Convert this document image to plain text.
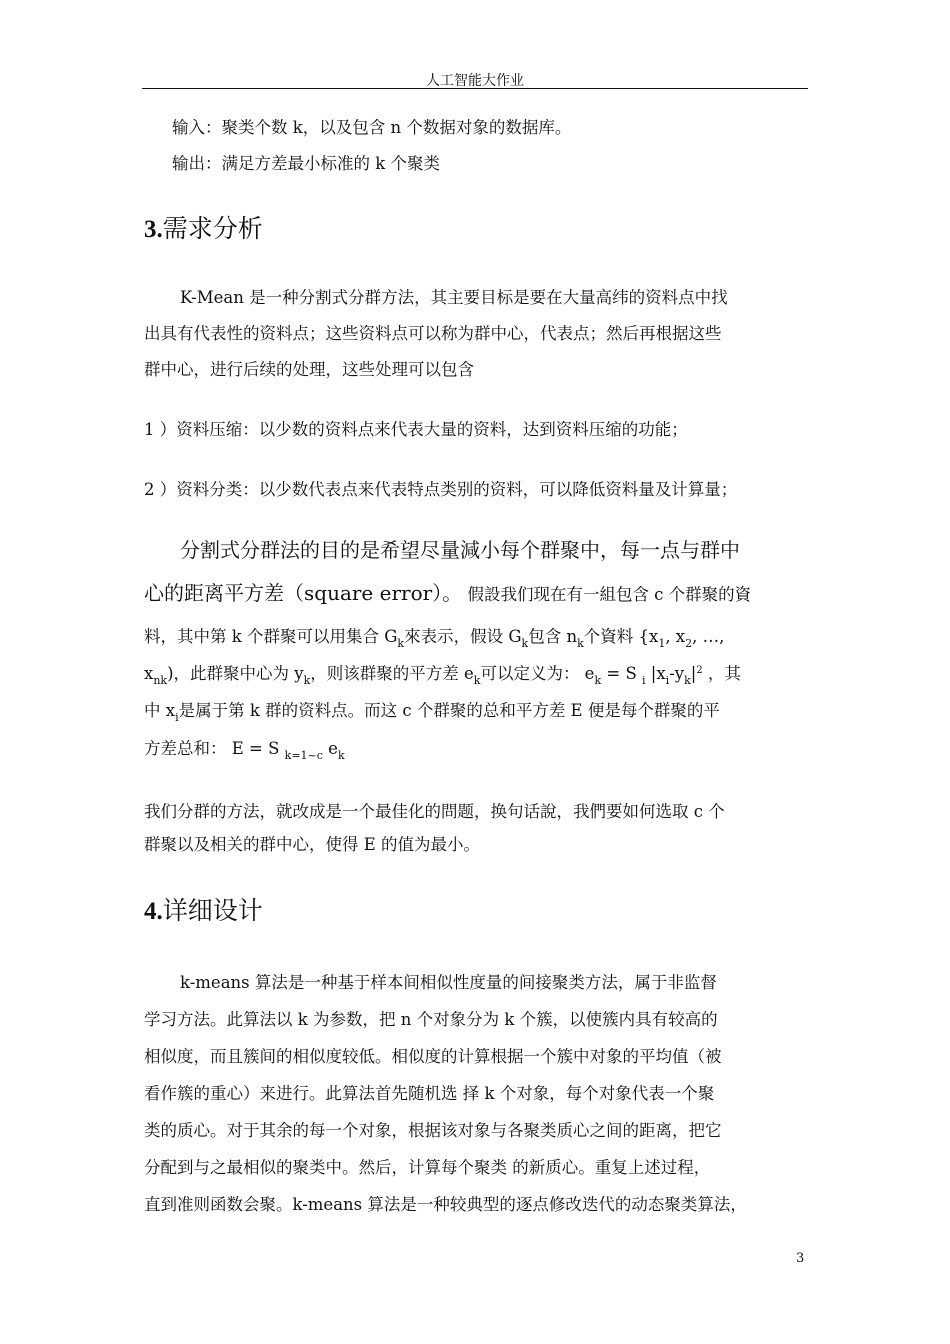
人工智能大作业
输入：聚类个数 k，以及包含 n 个数据对象的数据库。
输出：满足方差最小标准的 k 个聚类
3.需求分析
K-Mean 是一种分割式分群方法，其主要目标是要在大量高纬的资料点中找
出具有代表性的资料点；这些资料点可以称为群中心，代表点；然后再根据这些
群中心，进行后续的处理，这些处理可以包含
1 ）资料压缩：以少数的资料点来代表大量的资料，达到资料压缩的功能；
2 ）资料分类：以少数代表点来代表特点类别的资料，可以降低资料量及计算量；
分割式分群法的目的是希望尽量減小每个群聚中，每一点与群中
心的距离平方差（square error）。 假設我们现在有一組包含 c 个群聚的資
料，其中第 k 个群聚可以用集合 $G_k$來表示，假设 $G_k$包含 $n_k$个資料 {$x_1$, $x_2$, …,
$x_{nk}$)，此群聚中心为 $y_k$，则该群聚的平方差 $e_k$可以定义为： $e_k = S$ $_i$ $|x_i-y_k|^2$ ，其
中 $x_i$是属于第 k 群的资料点。而这 c 个群聚的总和平方差 E 便是每个群聚的平
方差总和： E = S $_{k=1\sim c}$ $e_k$
我们分群的方法，就改成是一个最佳化的問题，换句话說，我們要如何选取 c 个
群聚以及相关的群中心，使得 E 的值为最小。
4.详细设计
k-means 算法是一种基于样本间相似性度量的间接聚类方法，属于非监督
学习方法。此算法以 k 为参数，把 n 个对象分为 k 个簇，以使簇内具有较高的
相似度，而且簇间的相似度较低。相似度的计算根据一个簇中对象的平均值（被
看作簇的重心）来进行。此算法首先随机选 择 k 个对象，每个对象代表一个聚
类的质心。对于其余的每一个对象，根据该对象与各聚类质心之间的距离，把它
分配到与之最相似的聚类中。然后，计算每个聚类 的新质心。重复上述过程，
直到准则函数会聚。k-means 算法是一种较典型的逐点修改迭代的动态聚类算法，
3
